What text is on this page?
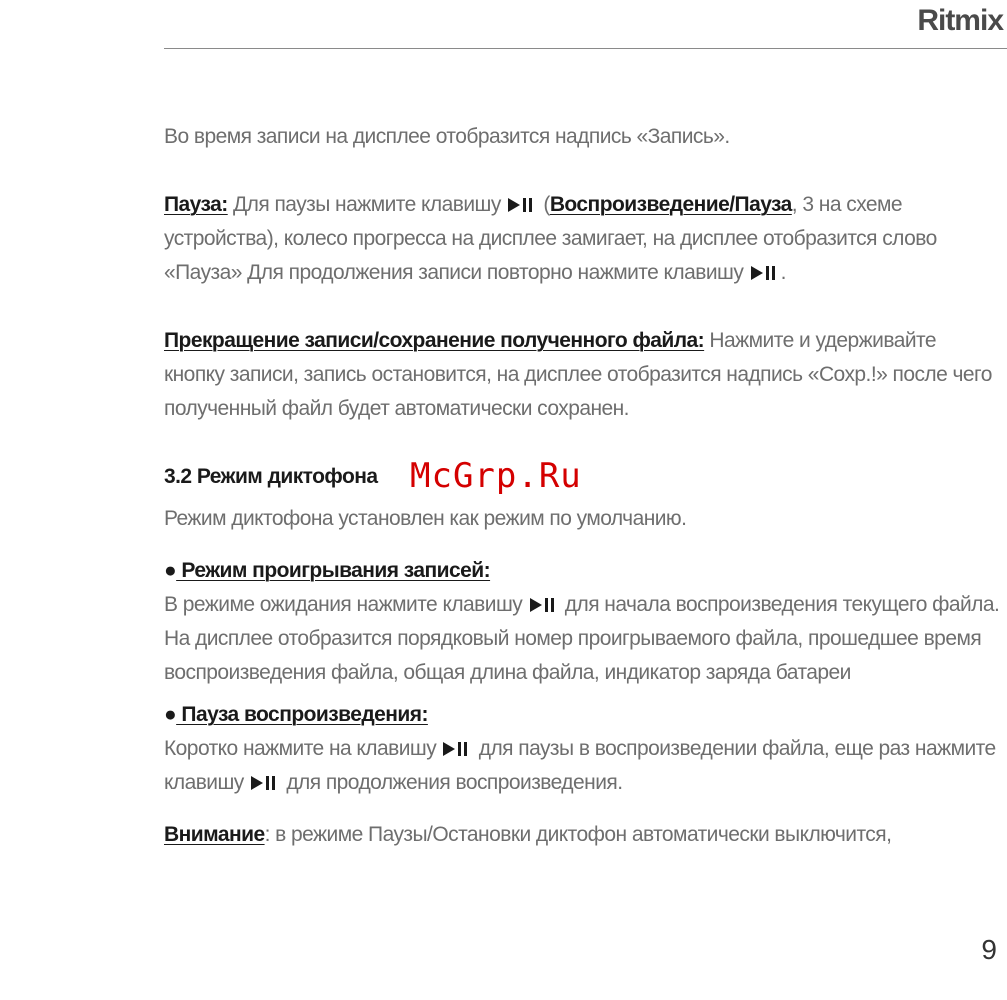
Ritmix

Во время записи на дисплее отобразится надпись «Запись».

Пауза: Для паузы нажмите клавишу  (Воспроизведение/Пауза, 3 на схеме устройства), колесо прогресса на дисплее замигает, на дисплее отобразится слово «Пауза» Для продолжения записи повторно нажмите клавишу .

Прекращение записи/сохранение полученного файла: Нажмите и удерживайте кнопку записи, запись остановится, на дисплее отобразится надпись «Сохр.!» после чего полученный файл будет автоматически сохранен.

3.2 Режим диктофона McGrp.Ru

Режим диктофона установлен как режим по умолчанию.

● Режим проигрывания записей:

В режиме ожидания нажмите клавишу  для начала воспроизведения текущего файла. На дисплее отобразится порядковый номер проигрываемого файла, прошедшее время воспроизведения файла, общая длина файла, индикатор заряда батареи

● Пауза воспроизведения:

Коротко нажмите на клавишу  для паузы в воспроизведении файла, еще раз нажмите клавишу  для продолжения воспроизведения.

Внимание: в режиме Паузы/Остановки диктофон автоматически выключится,

9
